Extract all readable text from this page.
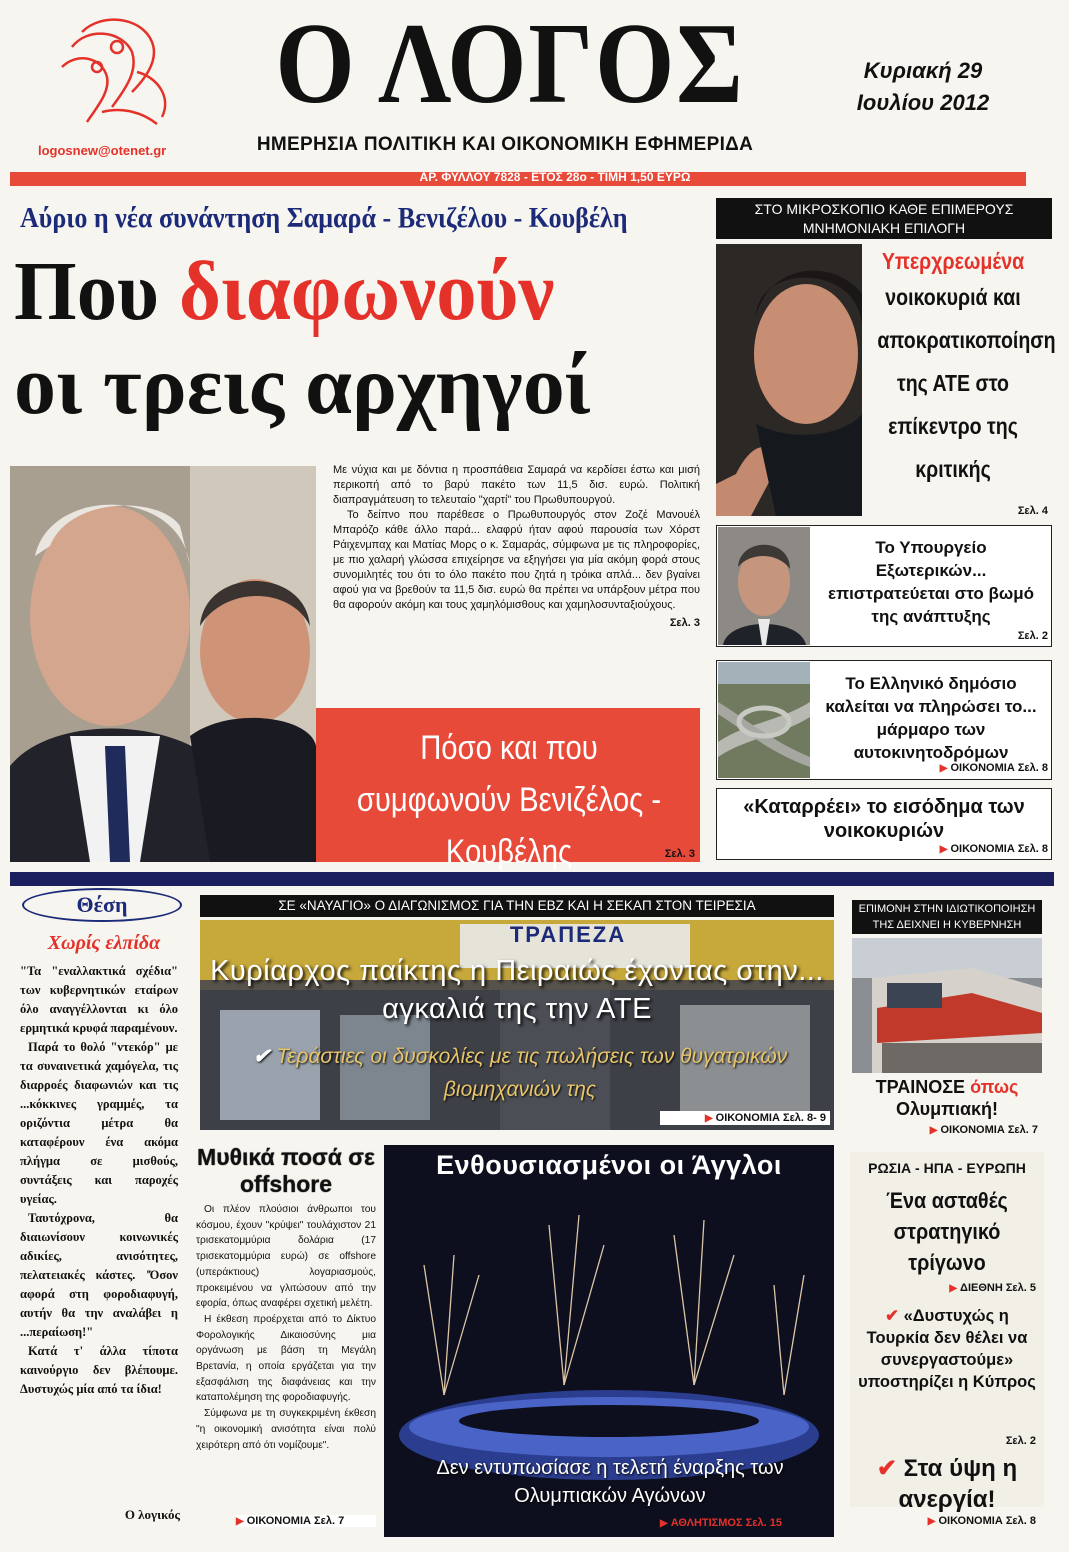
logosnew@otenet.gr
Ο ΛΟΓΟΣ
ΗΜΕΡΗΣΙΑ ΠΟΛΙΤΙΚΗ ΚΑΙ ΟΙΚΟΝΟΜΙΚΗ ΕΦΗΜΕΡΙΔΑ
Κυριακή 29
Ιουλίου 2012
ΑΡ. ΦΥΛΛΟΥ 7828 - ΕΤΟΣ 28ο - ΤΙΜΗ 1,50 ΕΥΡΩ
Αύριο η νέα συνάντηση Σαμαρά - Βενιζέλου - Κουβέλη
Που διαφωνούν
οι τρεις αρχηγοί

Με νύχια και με δόντια η προσπάθεια Σαμαρά να κερδίσει έστω και μισή περικοπή από το βαρύ πακέτο των 11,5 δισ. ευρώ. Πολιτική διαπραγμάτευση το τελευταίο "χαρτί" του Πρωθυπουργού.

Το δείπνο που παρέθεσε ο Πρωθυπουργός στον Ζοζέ Μανουέλ Μπαρόζο κάθε άλλο παρά... ελαφρύ ήταν αφού παρουσία των Χόρστ Ράιχενμπαχ και Ματίας Μορς ο κ. Σαμαράς, σύμφωνα με τις πληροφορίες, με πιο χαλαρή γλώσσα επιχείρησε να εξηγήσει για μία ακόμη φορά στους συνομιλητές του ότι το όλο πακέτο που ζητά η τρόικα απλά... δεν βγαίνει αφού για να βρεθούν τα 11,5 δισ. ευρώ θα πρέπει να υπάρξουν μέτρα που θα αφορούν ακόμη και τους χαμηλόμισθους και χαμηλοσυνταξιούχους.

Σελ. 3
Πόσο και που συμφωνούν Βενιζέλος - Κουβέλης	Σελ. 3
ΣΤΟ ΜΙΚΡΟΣΚΟΠΙΟ ΚΑΘΕ ΕΠΙΜΕΡΟΥΣ ΜΝΗΜΟΝΙΑΚΗ ΕΠΙΛΟΓΗ
Υπερχρεωμένα
νοικοκυριά και αποκρατικοποίηση της ΑΤΕ στο επίκεντρο της κριτικής
Σελ. 4
Το Υπουργείο Εξωτερικών... επιστρατεύεται στο βωμό της ανάπτυξης
Σελ. 2
Το Ελληνικό δημόσιο καλείται να πληρώσει το... μάρμαρο των αυτοκινητοδρόμων
▶ ΟΙΚΟΝΟΜΙΑ Σελ. 8
«Καταρρέει» το εισόδημα των νοικοκυριών
▶ ΟΙΚΟΝΟΜΙΑ Σελ. 8
Θέση
Χωρίς ελπίδα

"Τα "εναλλακτικά σχέδια" των κυβερνητικών εταίρων όλο αναγγέλλονται κι όλο ερμητικά κρυφά παραμένουν.

Παρά το θολό "ντεκόρ" με τα συναινετικά χαμόγελα, τις διαρροές διαφωνιών και τις ...κόκκινες γραμμές, τα οριζόντια μέτρα θα καταφέρουν ένα ακόμα πλήγμα σε μισθούς, συντάξεις και παροχές υγείας.

Ταυτόχρονα, θα διαιωνίσουν κοινωνικές αδικίες, ανισότητες, πελατειακές κάστες. 'Όσον αφορά στη φοροδιαφυγή, αυτήν θα την αναλάβει η ...περαίωση!"

Κατά τ' άλλα τίποτα καινούργιο δεν βλέπουμε. Δυστυχώς μία από τα ίδια!

Ο λογικός
ΣΕ «ΝΑΥΑΓΙΟ» Ο ΔΙΑΓΩΝΙΣΜΟΣ ΓΙΑ ΤΗΝ ΕΒΖ ΚΑΙ Η ΣΕΚΑΠ ΣΤΟΝ ΤΕΙΡΕΣΙΑ
ΤΡΑΠΕΖΑ
Κυρίαρχος παίκτης η Πειραιώς έχοντας στην... αγκαλιά της την ΑΤΕ
✔ Τεράστιες οι δυσκολίες με τις πωλήσεις των θυγατρικών βιομηχανιών της
▶ ΟΙΚΟΝΟΜΙΑ Σελ. 8- 9
ΕΠΙΜΟΝΗ ΣΤΗΝ ΙΔΙΩΤΙΚΟΠΟΙΗΣΗ ΤΗΣ ΔΕΙΧΝΕΙ Η ΚΥΒΕΡΝΗΣΗ
ΤΡΑΙΝΟΣΕ όπως
Ολυμπιακή!
▶ ΟΙΚΟΝΟΜΙΑ Σελ. 7
Μυθικά ποσά σε offshore

Οι πλέον πλούσιοι άνθρωποι του κόσμου, έχουν "κρύψει" τουλάχιστον 21 τρισεκατομμύρια δολάρια (17 τρισεκατομμύρια ευρώ) σε offshore (υπεράκτιους) λογαριασμούς, προκειμένου να γλιτώσουν από την εφορία, όπως αναφέρει σχετική μελέτη.

Η έκθεση προέρχεται από το Δίκτυο Φορολογικής Δικαιοσύνης μια οργάνωση με βάση τη Μεγάλη Βρετανία, η οποία εργάζεται για την εξασφάλιση της διαφάνειας και την καταπολέμηση της φοροδιαφυγής.

Σύμφωνα με τη συγκεκριμένη έκθεση "η οικονομική ανισότητα είναι πολύ χειρότερη από ότι νομίζουμε".

▶ ΟΙΚΟΝΟΜΙΑ Σελ. 7
Ενθουσιασμένοι οι Άγγλοι
Δεν εντυπωσίασε η τελετή έναρξης των Ολυμπιακών Αγώνων
▶ ΑΘΛΗΤΙΣΜΟΣ Σελ. 15
ΡΩΣΙΑ - ΗΠΑ - ΕΥΡΩΠΗ
Ένα ασταθές στρατηγικό τρίγωνο
▶ ΔΙΕΘΝΗ Σελ. 5
✔ «Δυστυχώς η Τουρκία δεν θέλει να συνεργαστούμε» υποστηρίζει η Κύπρος
Σελ. 2
✔ Στα ύψη η ανεργία!
▶ ΟΙΚΟΝΟΜΙΑ Σελ. 8
